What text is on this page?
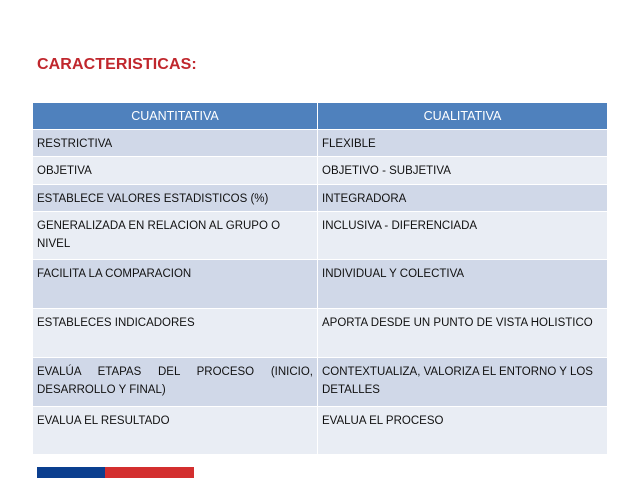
CARACTERISTICAS:
CUANTITATIVA	CUALITATIVA
RESTRICTIVA	FLEXIBLE
OBJETIVA	OBJETIVO - SUBJETIVA
ESTABLECE VALORES ESTADISTICOS (%)	INTEGRADORA
GENERALIZADA EN RELACION AL GRUPO O NIVEL	INCLUSIVA - DIFERENCIADA
FACILITA LA COMPARACION	INDIVIDUAL Y COLECTIVA
ESTABLECES INDICADORES	APORTA DESDE UN PUNTO DE VISTA HOLISTICO
EVALÚA ETAPAS DEL PROCESO (INICIO, DESARROLLO Y FINAL)	CONTEXTUALIZA, VALORIZA EL ENTORNO Y LOS DETALLES
EVALUA EL RESULTADO	EVALUA EL PROCESO
